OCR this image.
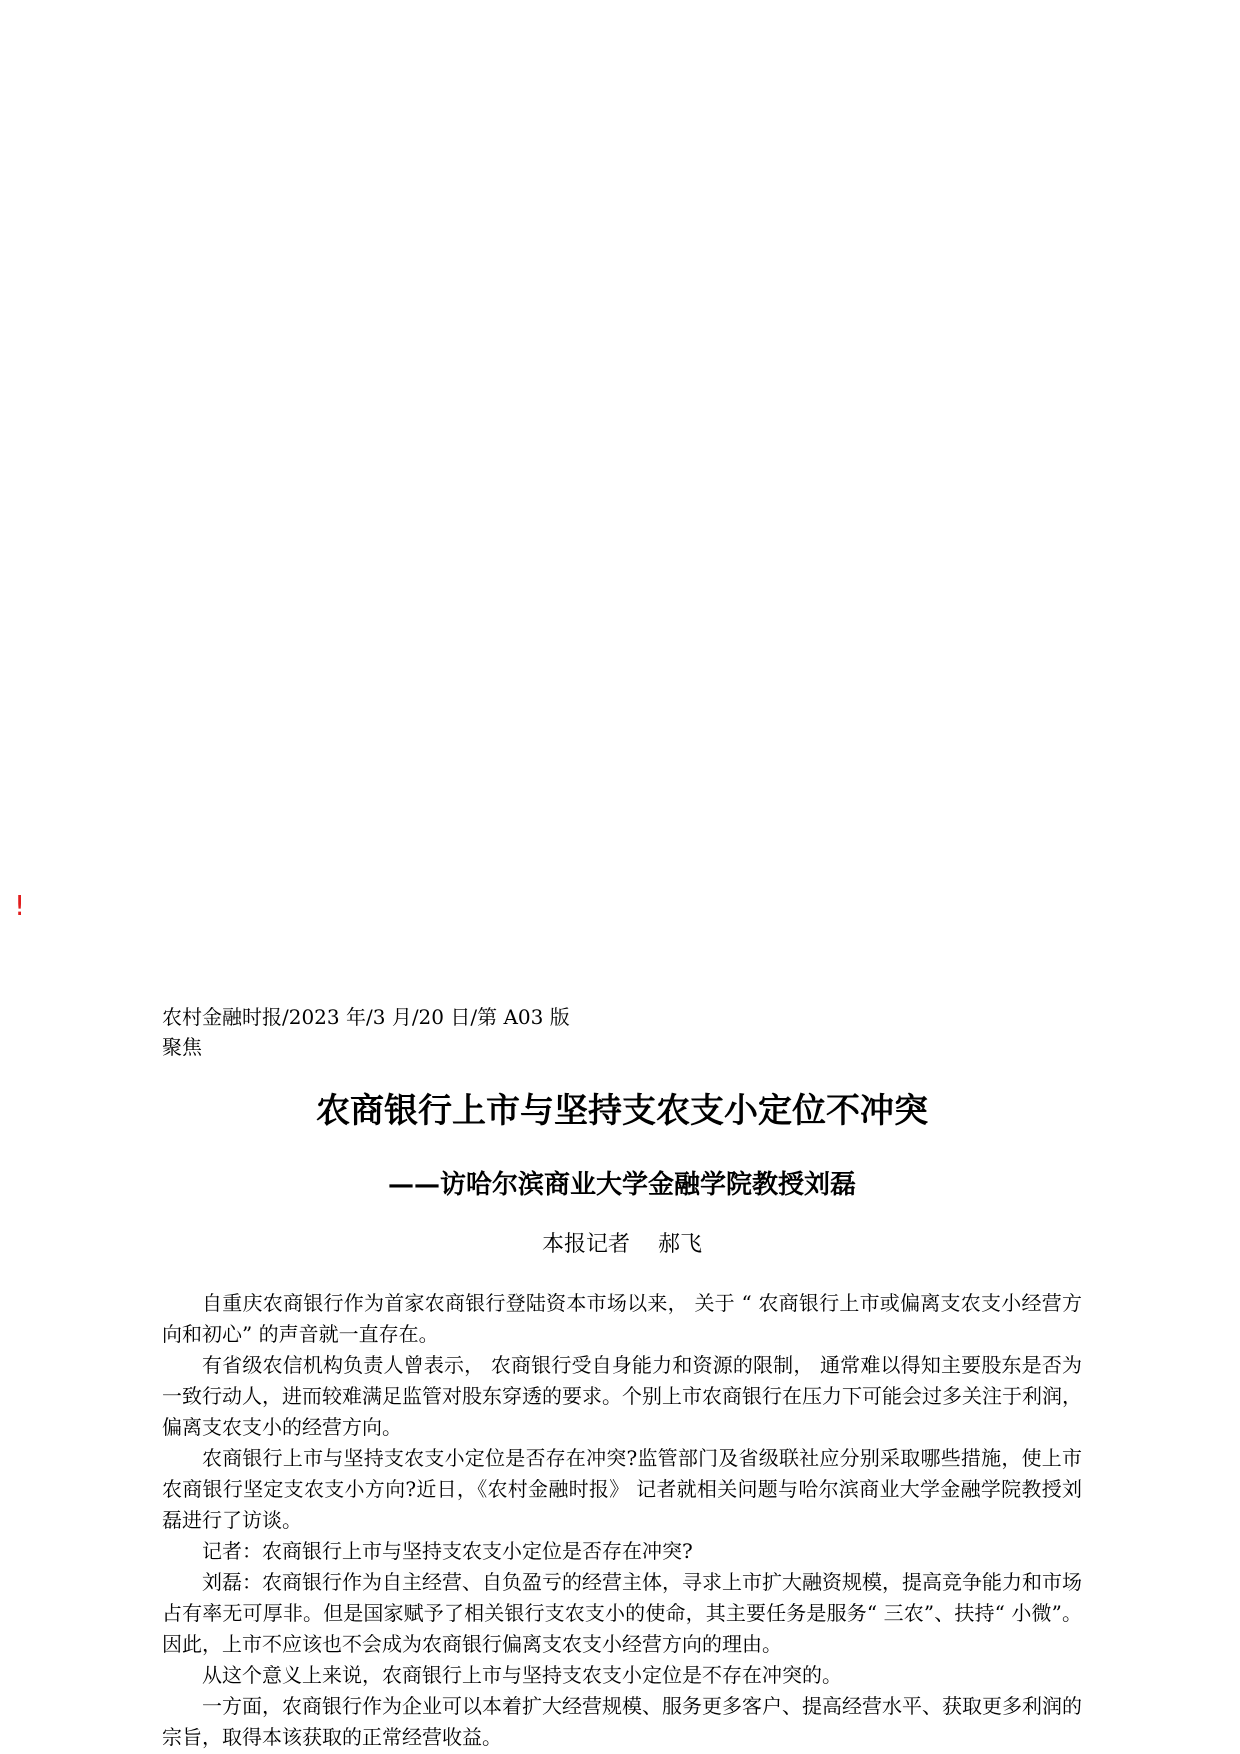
!
农村金融时报/2023 年/3 月/20 日/第 A03 版聚焦
农商银行上市与坚持支农支小定位不冲突
——访哈尔滨商业大学金融学院教授刘磊
本报记者    郝飞

自重庆农商银行作为首家农商银行登陆资本市场以来， 关于 “ 农商银行上市或偏离支农支小经营方向和初心” 的声音就一直存在。

有省级农信机构负责人曾表示， 农商银行受自身能力和资源的限制， 通常难以得知主要股东是否为一致行动人，进而较难满足监管对股东穿透的要求。个别上市农商银行在压力下可能会过多关注于利润，偏离支农支小的经营方向。

农商银行上市与坚持支农支小定位是否存在冲突?监管部门及省级联社应分别采取哪些措施，使上市农商银行坚定支农支小方向?近日，《农村金融时报》 记者就相关问题与哈尔滨商业大学金融学院教授刘磊进行了访谈。

记者：农商银行上市与坚持支农支小定位是否存在冲突?

刘磊：农商银行作为自主经营、自负盈亏的经营主体，寻求上市扩大融资规模，提高竞争能力和市场占有率无可厚非。但是国家赋予了相关银行支农支小的使命，其主要任务是服务“ 三农”、扶持“ 小微”。因此，上市不应该也不会成为农商银行偏离支农支小经营方向的理由。

从这个意义上来说，农商银行上市与坚持支农支小定位是不存在冲突的。

一方面，农商银行作为企业可以本着扩大经营规模、服务更多客户、提高经营水平、获取更多利润的宗旨，取得本该获取的正常经营收益。
